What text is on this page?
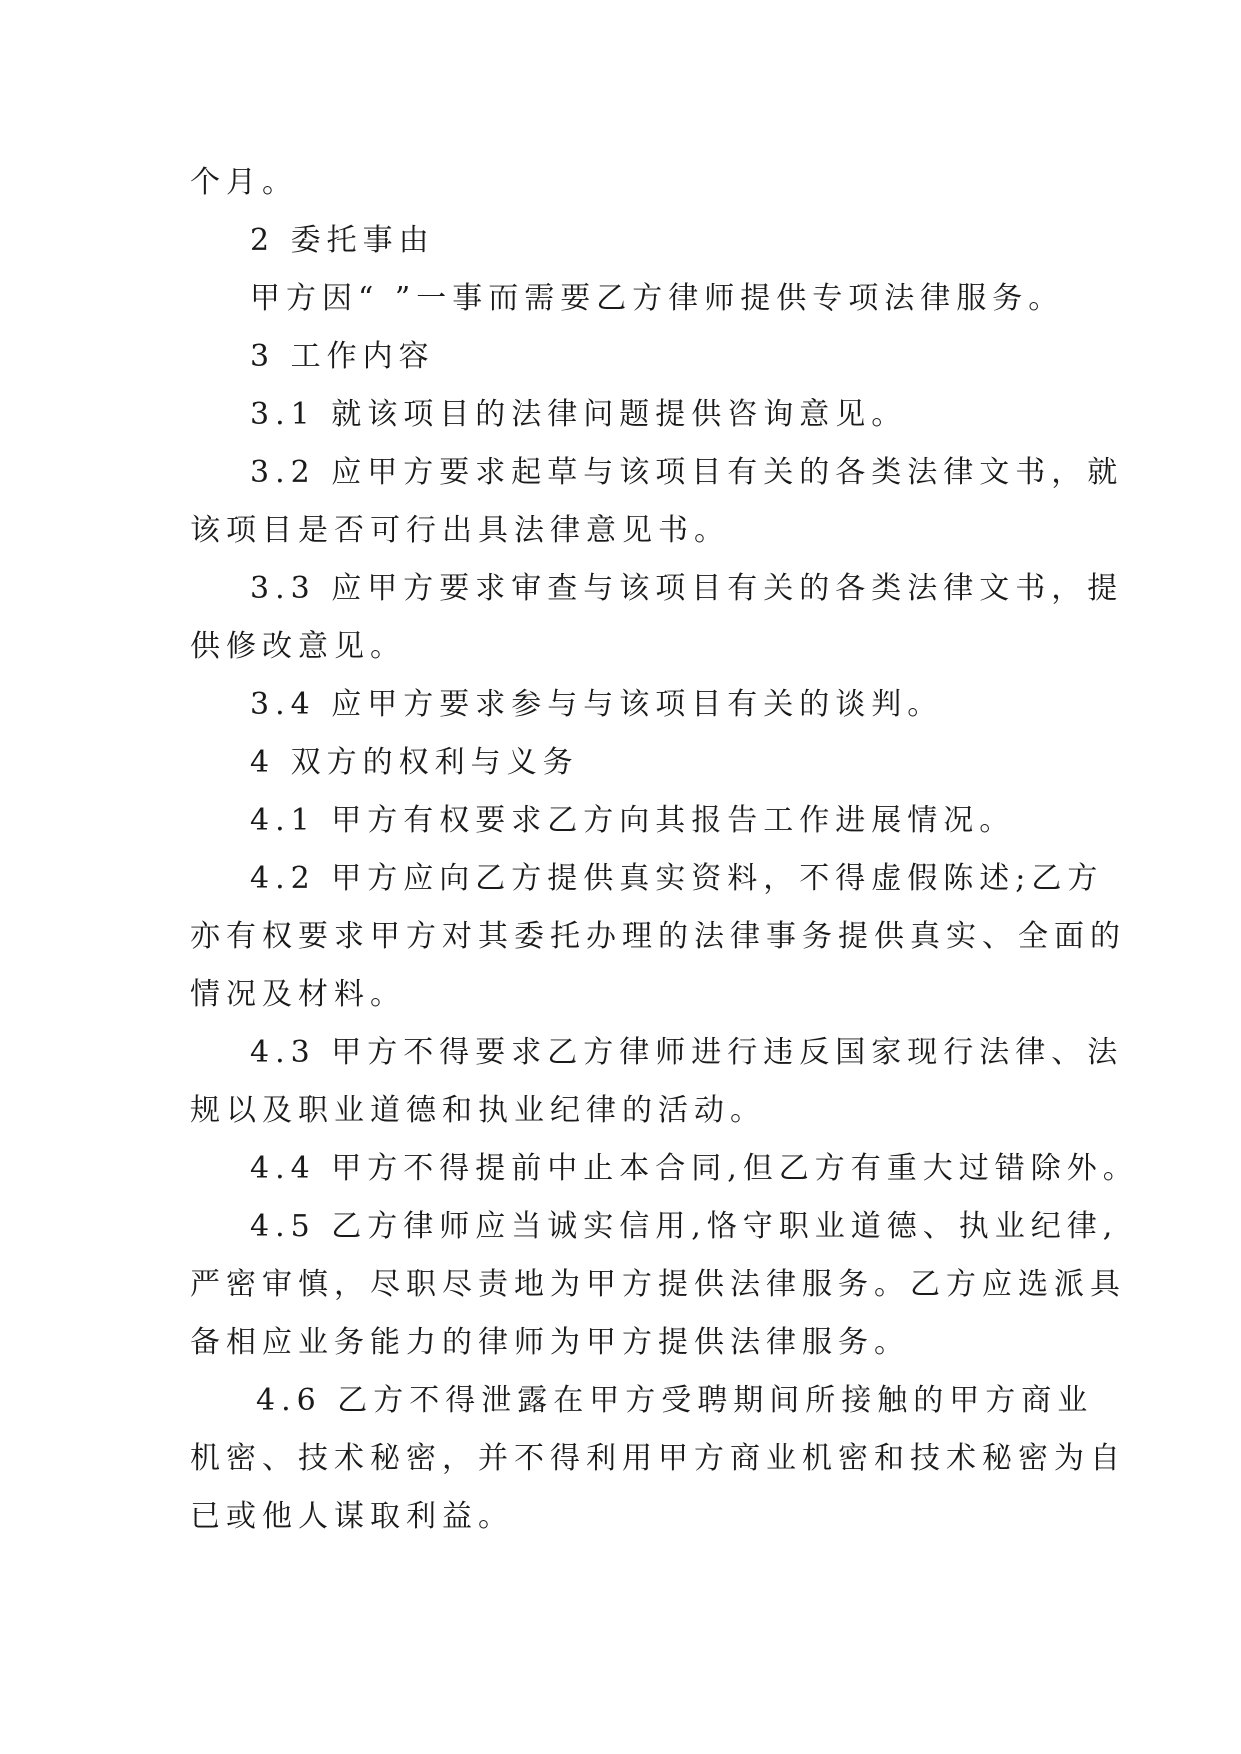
个月。
2 委托事由
甲方因“ ”一事而需要乙方律师提供专项法律服务。
3 工作内容
3.1 就该项目的法律问题提供咨询意见。
3.2 应甲方要求起草与该项目有关的各类法律文书，就
该项目是否可行出具法律意见书。
3.3 应甲方要求审查与该项目有关的各类法律文书，提
供修改意见。
3.4 应甲方要求参与与该项目有关的谈判。
4 双方的权利与义务
4.1 甲方有权要求乙方向其报告工作进展情况。
4.2 甲方应向乙方提供真实资料，不得虚假陈述;乙方
亦有权要求甲方对其委托办理的法律事务提供真实、全面的
情况及材料。
4.3 甲方不得要求乙方律师进行违反国家现行法律、法
规以及职业道德和执业纪律的活动。
4.4 甲方不得提前中止本合同,但乙方有重大过错除外。
4.5 乙方律师应当诚实信用,恪守职业道德、执业纪律,
严密审慎，尽职尽责地为甲方提供法律服务。乙方应选派具
备相应业务能力的律师为甲方提供法律服务。
4.6 乙方不得泄露在甲方受聘期间所接触的甲方商业
机密、技术秘密，并不得利用甲方商业机密和技术秘密为自
已或他人谋取利益。
